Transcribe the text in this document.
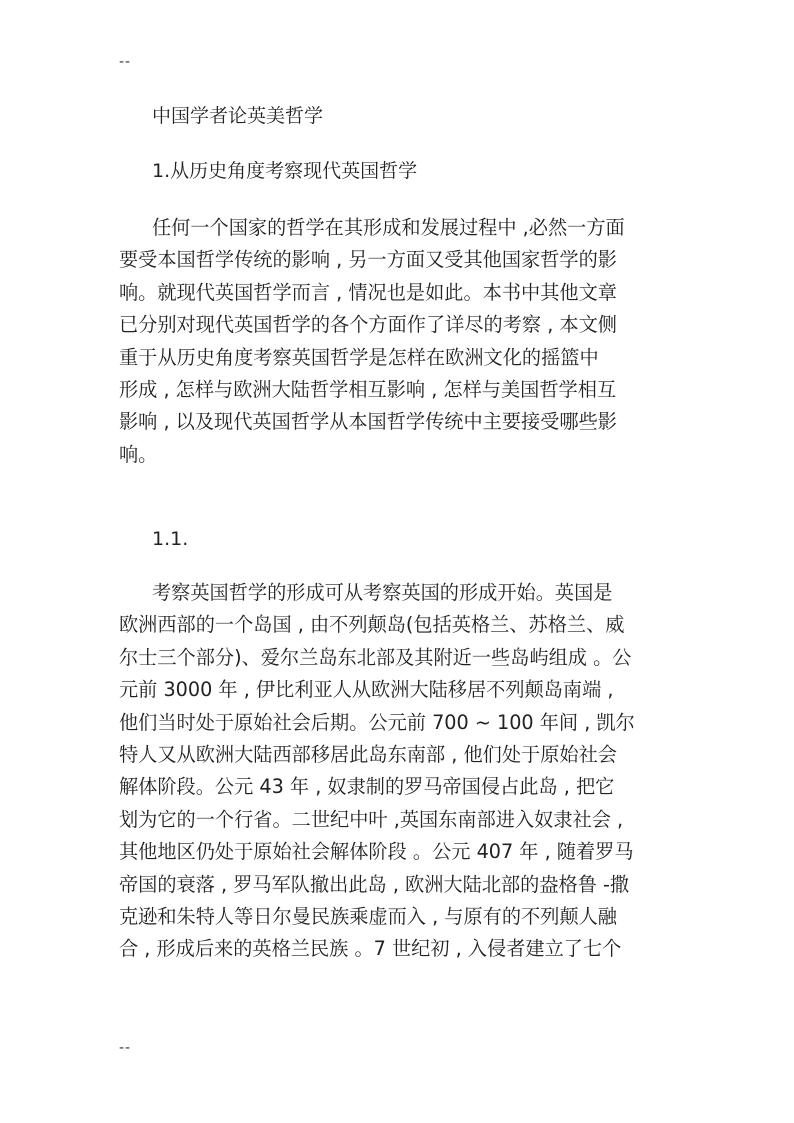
--
中国学者论英美哲学
1.从历史角度考察现代英国哲学
任何一个国家的哲学在其形成和发展过程中 ,必然一方面
要受本国哲学传统的影响 , 另一方面又受其他国家哲学的影
响。就现代英国哲学而言 , 情况也是如此。本书中其他文章
已分别对现代英国哲学的各个方面作了详尽的考察 , 本文侧
重于从历史角度考察英国哲学是怎样在欧洲文化的摇篮中
形成 , 怎样与欧洲大陆哲学相互影响 , 怎样与美国哲学相互
影响 , 以及现代英国哲学从本国哲学传统中主要接受哪些影
响。
1.1.
考察英国哲学的形成可从考察英国的形成开始。英国是
欧洲西部的一个岛国 , 由不列颠岛(包括英格兰、苏格兰、威
尔士三个部分)、爱尔兰岛东北部及其附近一些岛屿组成 。公
元前 3000 年 , 伊比利亚人从欧洲大陆移居不列颠岛南端 ,
他们当时处于原始社会后期。公元前 700 ~ 100 年间 , 凯尔
特人又从欧洲大陆西部移居此岛东南部 , 他们处于原始社会
解体阶段。公元 43 年 , 奴隶制的罗马帝国侵占此岛 , 把它
划为它的一个行省。二世纪中叶 ,英国东南部进入奴隶社会 ,
其他地区仍处于原始社会解体阶段 。公元 407 年 , 随着罗马
帝国的衰落 , 罗马军队撤出此岛 , 欧洲大陆北部的盎格鲁 -撒
克逊和朱特人等日尔曼民族乘虚而入 , 与原有的不列颠人融
合 , 形成后来的英格兰民族 。7 世纪初 , 入侵者建立了七个
--
